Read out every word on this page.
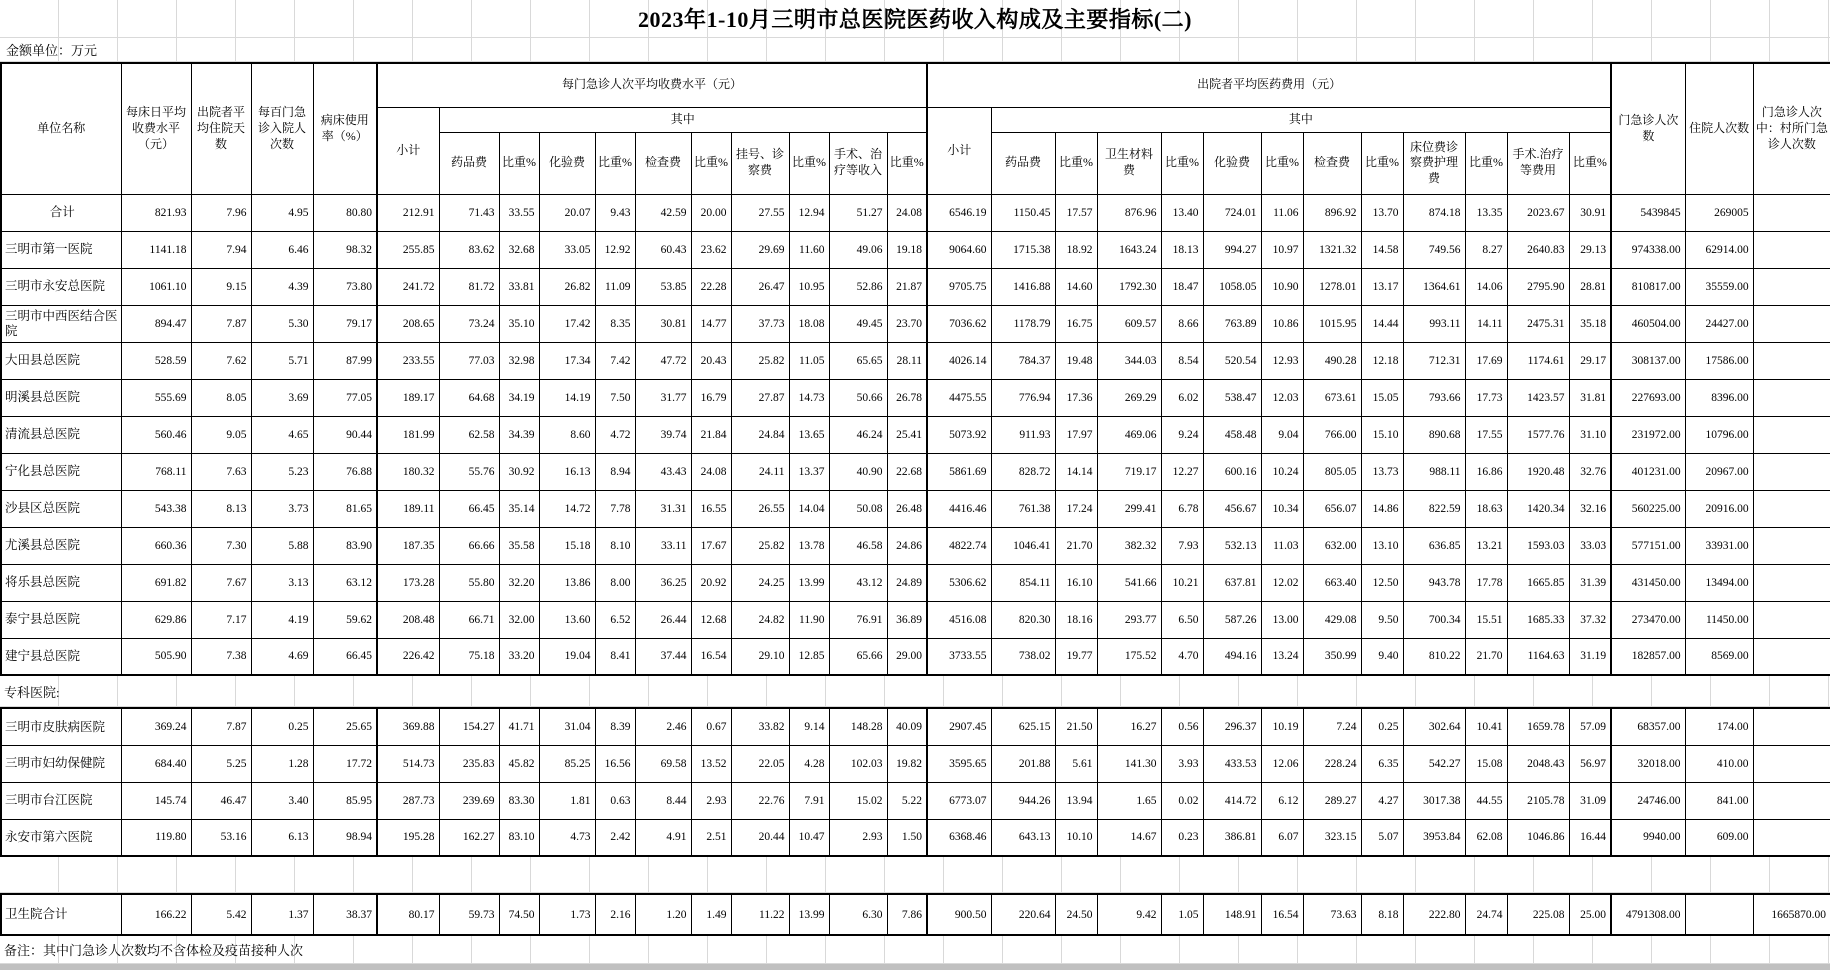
2023年1-10月三明市总医院医药收入构成及主要指标(二)
金额单位：万元
单位名称	每床日平均收费水平（元）	出院者平均住院天数	每百门急诊入院人次数	病床使用率（%）	每门急诊人次平均收费水平（元）											出院者平均医药费用（元）													门急诊人次数	住院人次数	门急诊人次中：村所门急诊人次数
					小计	其中										小计	其中														
						药品费	比重%	化验费	比重%	检查费	比重%	挂号、诊察费	比重%	手术、治疗等收入	比重%		药品费	比重%	卫生材料费	比重%	化验费	比重%	检查费	比重%	床位费诊察费护理费	比重%	手术.治疗等费用	比重%			
合计	821.93	7.96	4.95	80.80	212.91	71.43	33.55	20.07	9.43	42.59	20.00	27.55	12.94	51.27	24.08	6546.19	1150.45	17.57	876.96	13.40	724.01	11.06	896.92	13.70	874.18	13.35	2023.67	30.91	5439845	269005	
三明市第一医院	1141.18	7.94	6.46	98.32	255.85	83.62	32.68	33.05	12.92	60.43	23.62	29.69	11.60	49.06	19.18	9064.60	1715.38	18.92	1643.24	18.13	994.27	10.97	1321.32	14.58	749.56	8.27	2640.83	29.13	974338.00	62914.00	
三明市永安总医院	1061.10	9.15	4.39	73.80	241.72	81.72	33.81	26.82	11.09	53.85	22.28	26.47	10.95	52.86	21.87	9705.75	1416.88	14.60	1792.30	18.47	1058.05	10.90	1278.01	13.17	1364.61	14.06	2795.90	28.81	810817.00	35559.00	
三明市中西医结合医院	894.47	7.87	5.30	79.17	208.65	73.24	35.10	17.42	8.35	30.81	14.77	37.73	18.08	49.45	23.70	7036.62	1178.79	16.75	609.57	8.66	763.89	10.86	1015.95	14.44	993.11	14.11	2475.31	35.18	460504.00	24427.00	
大田县总医院	528.59	7.62	5.71	87.99	233.55	77.03	32.98	17.34	7.42	47.72	20.43	25.82	11.05	65.65	28.11	4026.14	784.37	19.48	344.03	8.54	520.54	12.93	490.28	12.18	712.31	17.69	1174.61	29.17	308137.00	17586.00	
明溪县总医院	555.69	8.05	3.69	77.05	189.17	64.68	34.19	14.19	7.50	31.77	16.79	27.87	14.73	50.66	26.78	4475.55	776.94	17.36	269.29	6.02	538.47	12.03	673.61	15.05	793.66	17.73	1423.57	31.81	227693.00	8396.00	
清流县总医院	560.46	9.05	4.65	90.44	181.99	62.58	34.39	8.60	4.72	39.74	21.84	24.84	13.65	46.24	25.41	5073.92	911.93	17.97	469.06	9.24	458.48	9.04	766.00	15.10	890.68	17.55	1577.76	31.10	231972.00	10796.00	
宁化县总医院	768.11	7.63	5.23	76.88	180.32	55.76	30.92	16.13	8.94	43.43	24.08	24.11	13.37	40.90	22.68	5861.69	828.72	14.14	719.17	12.27	600.16	10.24	805.05	13.73	988.11	16.86	1920.48	32.76	401231.00	20967.00	
沙县区总医院	543.38	8.13	3.73	81.65	189.11	66.45	35.14	14.72	7.78	31.31	16.55	26.55	14.04	50.08	26.48	4416.46	761.38	17.24	299.41	6.78	456.67	10.34	656.07	14.86	822.59	18.63	1420.34	32.16	560225.00	20916.00	
尤溪县总医院	660.36	7.30	5.88	83.90	187.35	66.66	35.58	15.18	8.10	33.11	17.67	25.82	13.78	46.58	24.86	4822.74	1046.41	21.70	382.32	7.93	532.13	11.03	632.00	13.10	636.85	13.21	1593.03	33.03	577151.00	33931.00	
将乐县总医院	691.82	7.67	3.13	63.12	173.28	55.80	32.20	13.86	8.00	36.25	20.92	24.25	13.99	43.12	24.89	5306.62	854.11	16.10	541.66	10.21	637.81	12.02	663.40	12.50	943.78	17.78	1665.85	31.39	431450.00	13494.00	
泰宁县总医院	629.86	7.17	4.19	59.62	208.48	66.71	32.00	13.60	6.52	26.44	12.68	24.82	11.90	76.91	36.89	4516.08	820.30	18.16	293.77	6.50	587.26	13.00	429.08	9.50	700.34	15.51	1685.33	37.32	273470.00	11450.00	
建宁县总医院	505.90	7.38	4.69	66.45	226.42	75.18	33.20	19.04	8.41	37.44	16.54	29.10	12.85	65.66	29.00	3733.55	738.02	19.77	175.52	4.70	494.16	13.24	350.99	9.40	810.22	21.70	1164.63	31.19	182857.00	8569.00	
专科医院:
三明市皮肤病医院	369.24	7.87	0.25	25.65	369.88	154.27	41.71	31.04	8.39	2.46	0.67	33.82	9.14	148.28	40.09	2907.45	625.15	21.50	16.27	0.56	296.37	10.19	7.24	0.25	302.64	10.41	1659.78	57.09	68357.00	174.00	
三明市妇幼保健院	684.40	5.25	1.28	17.72	514.73	235.83	45.82	85.25	16.56	69.58	13.52	22.05	4.28	102.03	19.82	3595.65	201.88	5.61	141.30	3.93	433.53	12.06	228.24	6.35	542.27	15.08	2048.43	56.97	32018.00	410.00	
三明市台江医院	145.74	46.47	3.40	85.95	287.73	239.69	83.30	1.81	0.63	8.44	2.93	22.76	7.91	15.02	5.22	6773.07	944.26	13.94	1.65	0.02	414.72	6.12	289.27	4.27	3017.38	44.55	2105.78	31.09	24746.00	841.00	
永安市第六医院	119.80	53.16	6.13	98.94	195.28	162.27	83.10	4.73	2.42	4.91	2.51	20.44	10.47	2.93	1.50	6368.46	643.13	10.10	14.67	0.23	386.81	6.07	323.15	5.07	3953.84	62.08	1046.86	16.44	9940.00	609.00	
卫生院合计	166.22	5.42	1.37	38.37	80.17	59.73	74.50	1.73	2.16	1.20	1.49	11.22	13.99	6.30	7.86	900.50	220.64	24.50	9.42	1.05	148.91	16.54	73.63	8.18	222.80	24.74	225.08	25.00	4791308.00		1665870.00
备注：其中门急诊人次数均不含体检及疫苗接种人次
